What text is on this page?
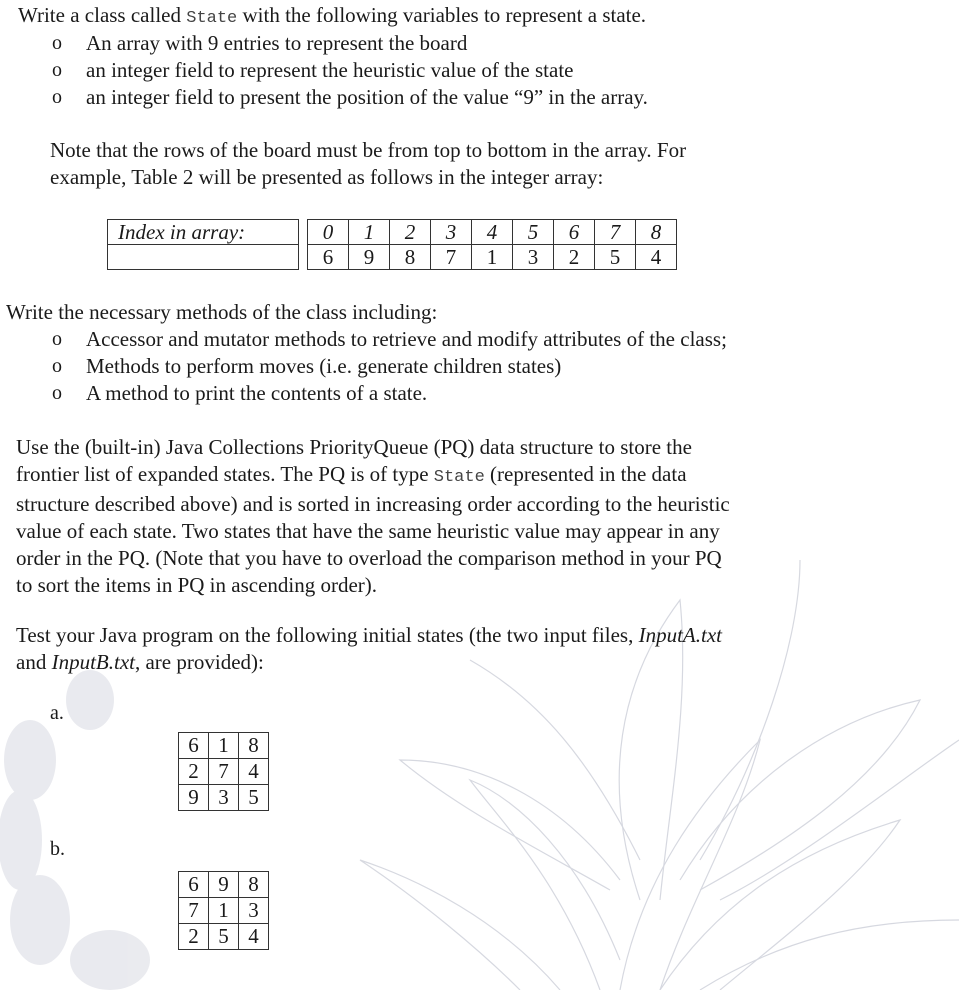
Write a class called State with the following variables to represent a state.

o An array with 9 entries to represent the board

o an integer field to represent the heuristic value of the state

o an integer field to present the position of the value “9” in the array.

Note that the rows of the board must be from top to bottom in the array. For
example, Table 2 will be presented as follows in the integer array:

Index in array:		0	1	2	3	4	5	6	7	8
		6	9	8	7	1	3	2	5	4

Write the necessary methods of the class including:

o Accessor and mutator methods to retrieve and modify attributes of the class;

o Methods to perform moves (i.e. generate children states)

o A method to print the contents of a state.

Use the (built-in) Java Collections PriorityQueue (PQ) data structure to store the
frontier list of expanded states. The PQ is of type State (represented in the data
structure described above) and is sorted in increasing order according to the heuristic
value of each state. Two states that have the same heuristic value may appear in any
order in the PQ. (Note that you have to overload the comparison method in your PQ
to sort the items in PQ in ascending order).

Test your Java program on the following initial states (the two input files, InputA.txt
and InputB.txt, are provided):

a.
6	1	8
2	7	4
9	3	5
b.
6	9	8
7	1	3
2	5	4
